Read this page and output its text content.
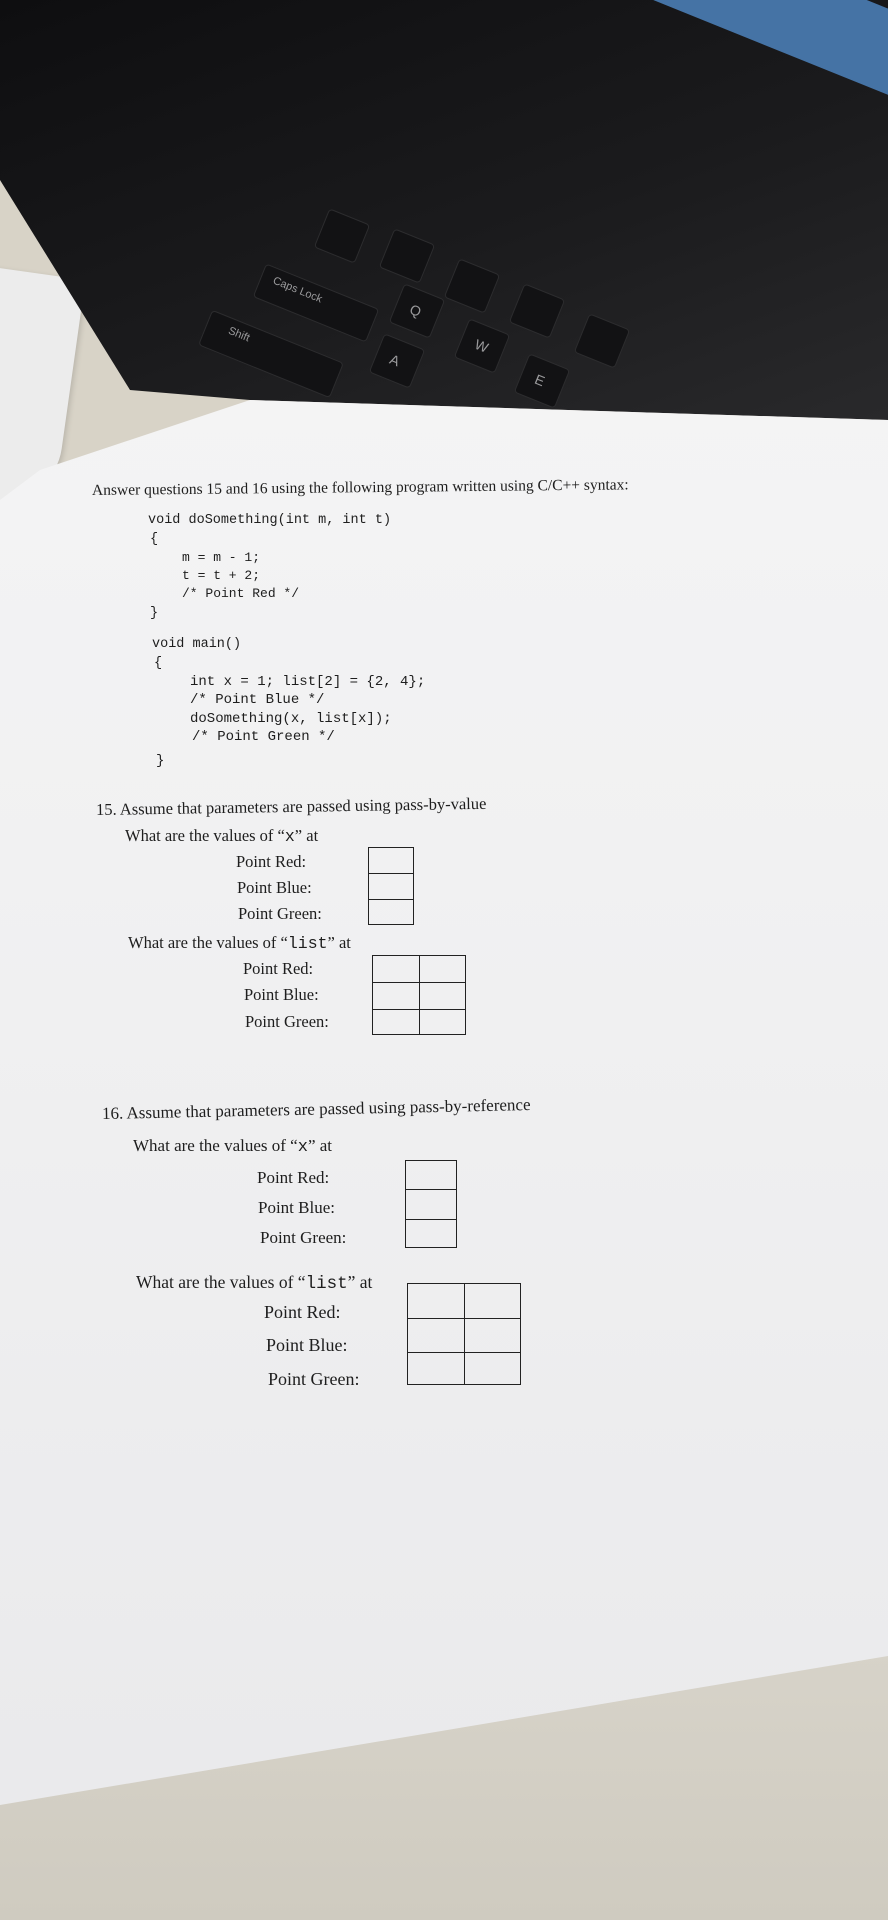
Caps Lock
Shift
A
Q
W
E
Answer questions 15 and 16 using the following program written using C/C++ syntax:
void doSomething(int m, int t)
{
m = m - 1;
t = t + 2;
/* Point Red */
}
void main()
{
int x = 1; list[2] = {2, 4};
/* Point Blue */
doSomething(x, list[x]);
/* Point Green */
}
15. Assume that parameters are passed using pass-by-value
What are the values of “x” at
Point Red:
Point Blue:
Point Green:
What are the values of “list” at
Point Red:
Point Blue:
Point Green:
16. Assume that parameters are passed using pass-by-reference
What are the values of “x” at
Point Red:
Point Blue:
Point Green:
What are the values of “list” at
Point Red:
Point Blue:
Point Green:
